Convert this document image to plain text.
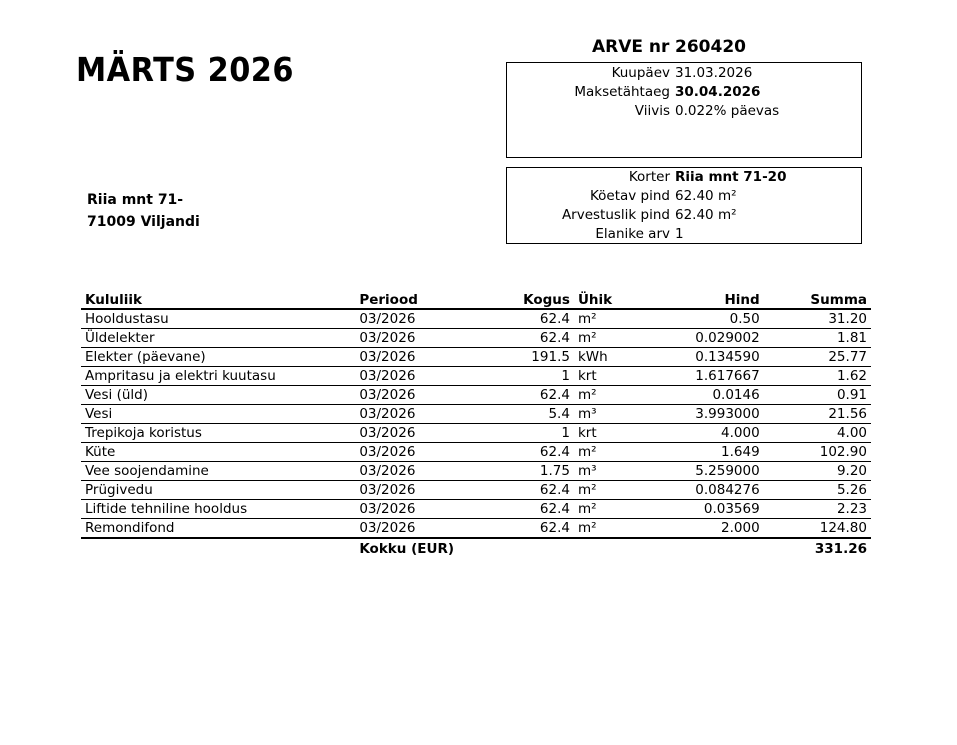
MÄRTS 2026
ARVE nr 260420
Kuupäev 31.03.2026
Maksetähtaeg 30.04.2026
Viivis 0.022% päevas
Korter Riia mnt 71-20
Köetav pind 62.40 m²
Arvestuslik pind 62.40 m²
Elanike arv 1
Riia mnt 71-
71009 Viljandi
Kululiik	Periood	Kogus	Ühik	Hind	Summa
Hooldustasu	03/2026	62.4	m²	0.50	31.20
Üldelekter	03/2026	62.4	m²	0.029002	1.81
Elekter (päevane)	03/2026	191.5	kWh	0.134590	25.77
Ampritasu ja elektri kuutasu	03/2026	1	krt	1.617667	1.62
Vesi (üld)	03/2026	62.4	m²	0.0146	0.91
Vesi	03/2026	5.4	m³	3.993000	21.56
Trepikoja koristus	03/2026	1	krt	4.000	4.00
Küte	03/2026	62.4	m²	1.649	102.90
Vee soojendamine	03/2026	1.75	m³	5.259000	9.20
Prügivedu	03/2026	62.4	m²	0.084276	5.26
Liftide tehniline hooldus	03/2026	62.4	m²	0.03569	2.23
Remondifond	03/2026	62.4	m²	2.000	124.80
	Kokku (EUR)				331.26
